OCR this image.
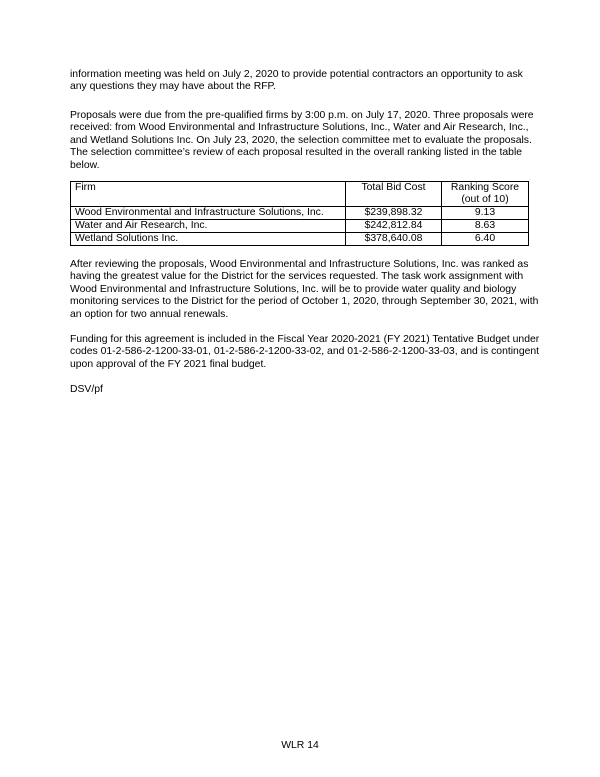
information meeting was held on July 2, 2020 to provide potential contractors an opportunity to ask any questions they may have about the RFP.

Proposals were due from the pre-qualified firms by 3:00 p.m. on July 17, 2020. Three proposals were received: from Wood Environmental and Infrastructure Solutions, Inc., Water and Air Research, Inc., and Wetland Solutions Inc. On July 23, 2020, the selection committee met to evaluate the proposals. The selection committee’s review of each proposal resulted in the overall ranking listed in the table below.

Firm	Total Bid Cost	Ranking Score
(out of 10)
Wood Environmental and Infrastructure Solutions, Inc.	$239,898.32	9.13
Water and Air Research, Inc.	$242,812.84	8.63
Wetland Solutions Inc.	$378,640.08	6.40

After reviewing the proposals, Wood Environmental and Infrastructure Solutions, Inc. was ranked as having the greatest value for the District for the services requested. The task work assignment with Wood Environmental and Infrastructure Solutions, Inc. will be to provide water quality and biology monitoring services to the District for the period of October 1, 2020, through September 30, 2021, with an option for two annual renewals.

Funding for this agreement is included in the Fiscal Year 2020-2021 (FY 2021) Tentative Budget under codes 01-2-586-2-1200-33-01, 01-2-586-2-1200-33-02, and 01-2-586-2-1200-33-03, and is contingent upon approval of the FY 2021 final budget.

DSV/pf

WLR 14
